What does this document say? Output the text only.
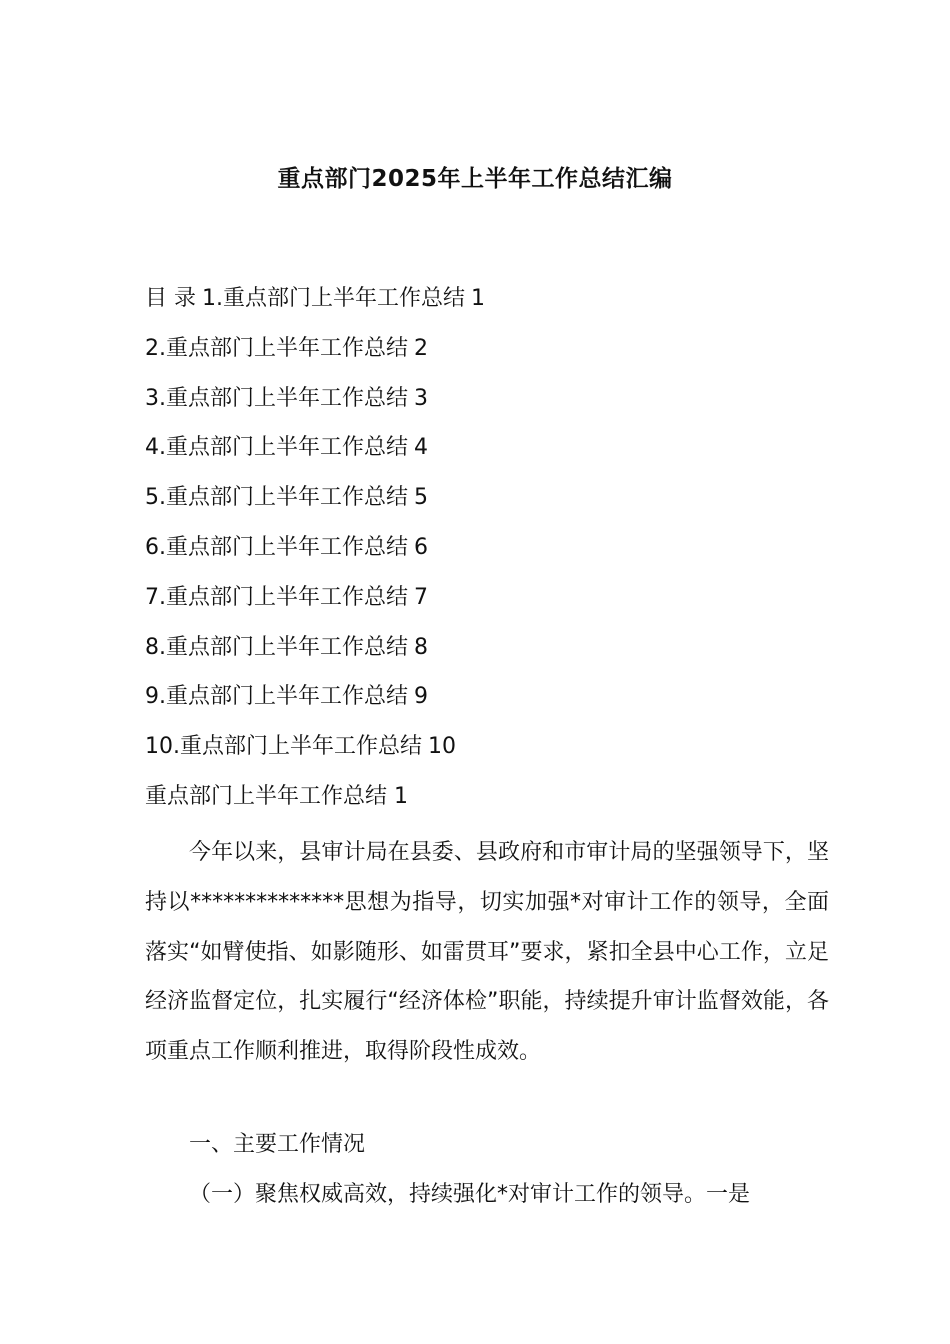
重点部门2025年上半年工作总结汇编
目 录 1.重点部门上半年工作总结 1
2.重点部门上半年工作总结 2
3.重点部门上半年工作总结 3
4.重点部门上半年工作总结 4
5.重点部门上半年工作总结 5
6.重点部门上半年工作总结 6
7.重点部门上半年工作总结 7
8.重点部门上半年工作总结 8
9.重点部门上半年工作总结 9
10.重点部门上半年工作总结 10
重点部门上半年工作总结 1

今年以来，县审计局在县委、县政府和市审计局的坚强领导下，坚持以**************思想为指导，切实加强*对审计工作的领导，全面落实“如臂使指、如影随形、如雷贯耳”要求，紧扣全县中心工作，立足经济监督定位，扎实履行“经济体检”职能，持续提升审计监督效能，各项重点工作顺利推进，取得阶段性成效。

一、主要工作情况

（一）聚焦权威高效，持续强化*对审计工作的领导。一是
